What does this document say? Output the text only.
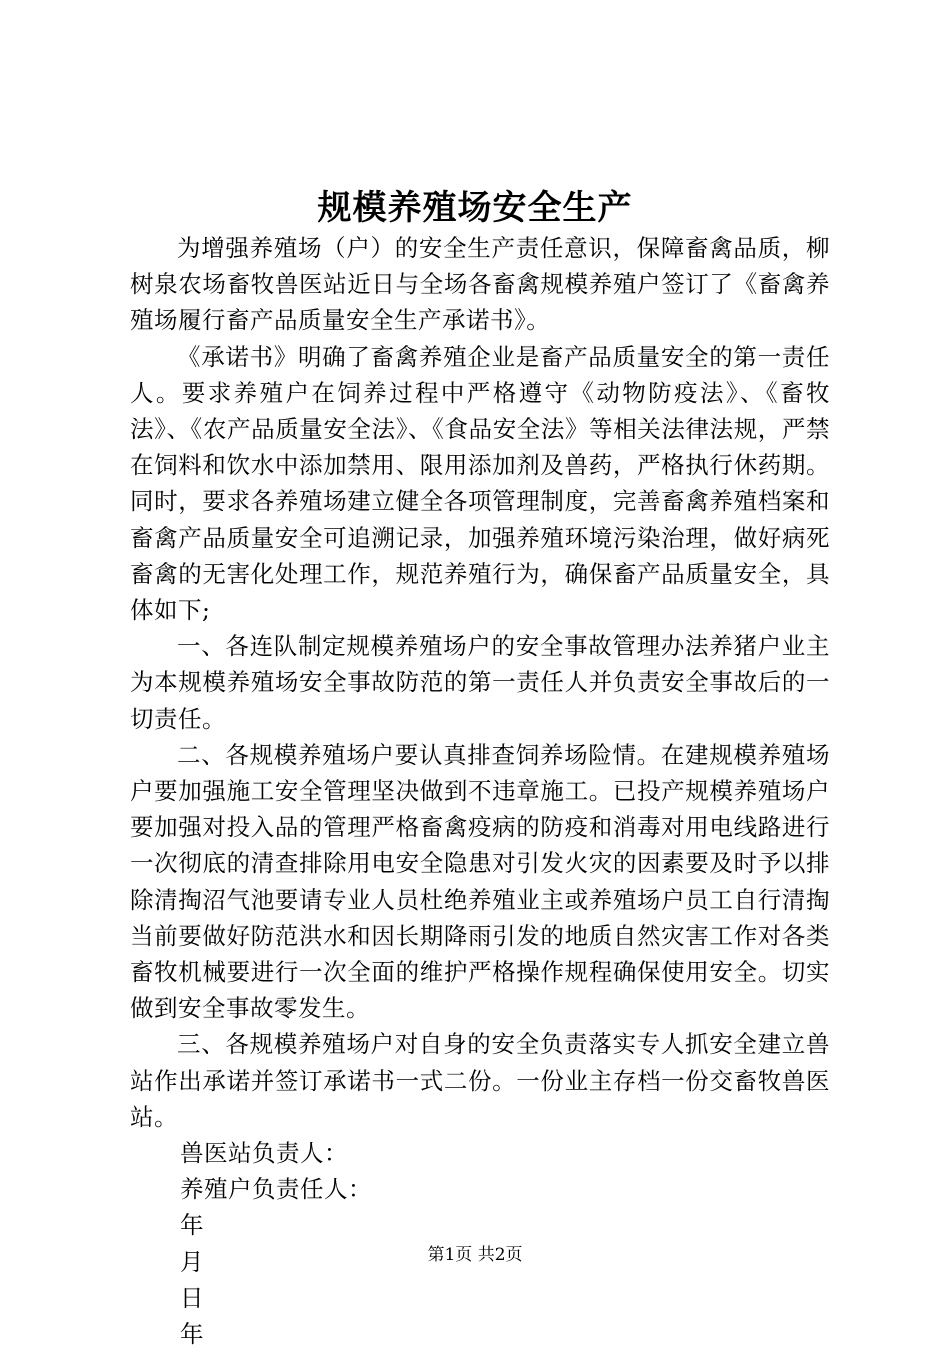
规模养殖场安全生产

为增强养殖场（户）的安全生产责任意识，保障畜禽品质，柳树泉农场畜牧兽医站近日与全场各畜禽规模养殖户签订了《畜禽养殖场履行畜产品质量安全生产承诺书》。

《承诺书》明确了畜禽养殖企业是畜产品质量安全的第一责任人。要求养殖户在饲养过程中严格遵守《动物防疫法》、《畜牧法》、《农产品质量安全法》、《食品安全法》等相关法律法规，严禁在饲料和饮水中添加禁用、限用添加剂及兽药，严格执行休药期。同时，要求各养殖场建立健全各项管理制度，完善畜禽养殖档案和畜禽产品质量安全可追溯记录，加强养殖环境污染治理，做好病死畜禽的无害化处理工作，规范养殖行为，确保畜产品质量安全，具体如下;

一、各连队制定规模养殖场户的安全事故管理办法养猪户业主为本规模养殖场安全事故防范的第一责任人并负责安全事故后的一切责任。

二、各规模养殖场户要认真排查饲养场险情。在建规模养殖场户要加强施工安全管理坚决做到不违章施工。已投产规模养殖场户要加强对投入品的管理严格畜禽疫病的防疫和消毒对用电线路进行一次彻底的清查排除用电安全隐患对引发火灾的因素要及时予以排除清掏沼气池要请专业人员杜绝养殖业主或养殖场户员工自行清掏当前要做好防范洪水和因长期降雨引发的地质自然灾害工作对各类畜牧机械要进行一次全面的维护严格操作规程确保使用安全。切实做到安全事故零发生。

三、各规模养殖场户对自身的安全负责落实专人抓安全建立兽站作出承诺并签订承诺书一式二份。一份业主存档一份交畜牧兽医站。

兽医站负责人：

养殖户负责任人：

年

月

日

年

第1页 共2页
